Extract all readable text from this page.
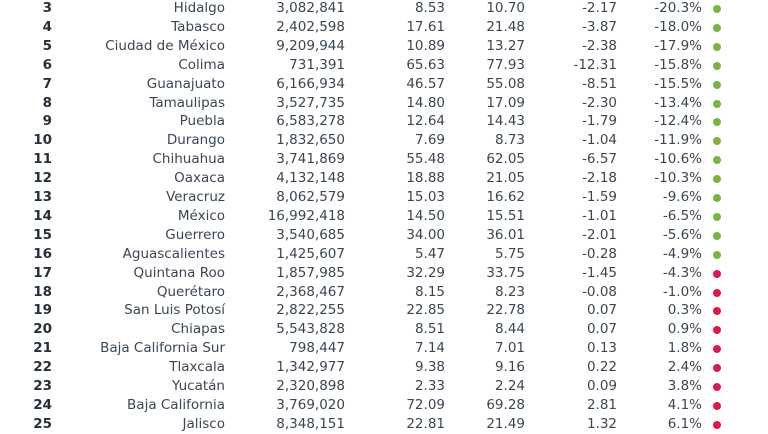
3	Hidalgo	3,082,841	8.53	10.70	-2.17	-20.3%
4	Tabasco	2,402,598	17.61	21.48	-3.87	-18.0%
5	Ciudad de México	9,209,944	10.89	13.27	-2.38	-17.9%
6	Colima	731,391	65.63	77.93	-12.31	-15.8%
7	Guanajuato	6,166,934	46.57	55.08	-8.51	-15.5%
8	Tamaulipas	3,527,735	14.80	17.09	-2.30	-13.4%
9	Puebla	6,583,278	12.64	14.43	-1.79	-12.4%
10	Durango	1,832,650	7.69	8.73	-1.04	-11.9%
11	Chihuahua	3,741,869	55.48	62.05	-6.57	-10.6%
12	Oaxaca	4,132,148	18.88	21.05	-2.18	-10.3%
13	Veracruz	8,062,579	15.03	16.62	-1.59	-9.6%
14	México	16,992,418	14.50	15.51	-1.01	-6.5%
15	Guerrero	3,540,685	34.00	36.01	-2.01	-5.6%
16	Aguascalientes	1,425,607	5.47	5.75	-0.28	-4.9%
17	Quintana Roo	1,857,985	32.29	33.75	-1.45	-4.3%
18	Querétaro	2,368,467	8.15	8.23	-0.08	-1.0%
19	San Luis Potosí	2,822,255	22.85	22.78	0.07	0.3%
20	Chiapas	5,543,828	8.51	8.44	0.07	0.9%
21	Baja California Sur	798,447	7.14	7.01	0.13	1.8%
22	Tlaxcala	1,342,977	9.38	9.16	0.22	2.4%
23	Yucatán	2,320,898	2.33	2.24	0.09	3.8%
24	Baja California	3,769,020	72.09	69.28	2.81	4.1%
25	Jalisco	8,348,151	22.81	21.49	1.32	6.1%
